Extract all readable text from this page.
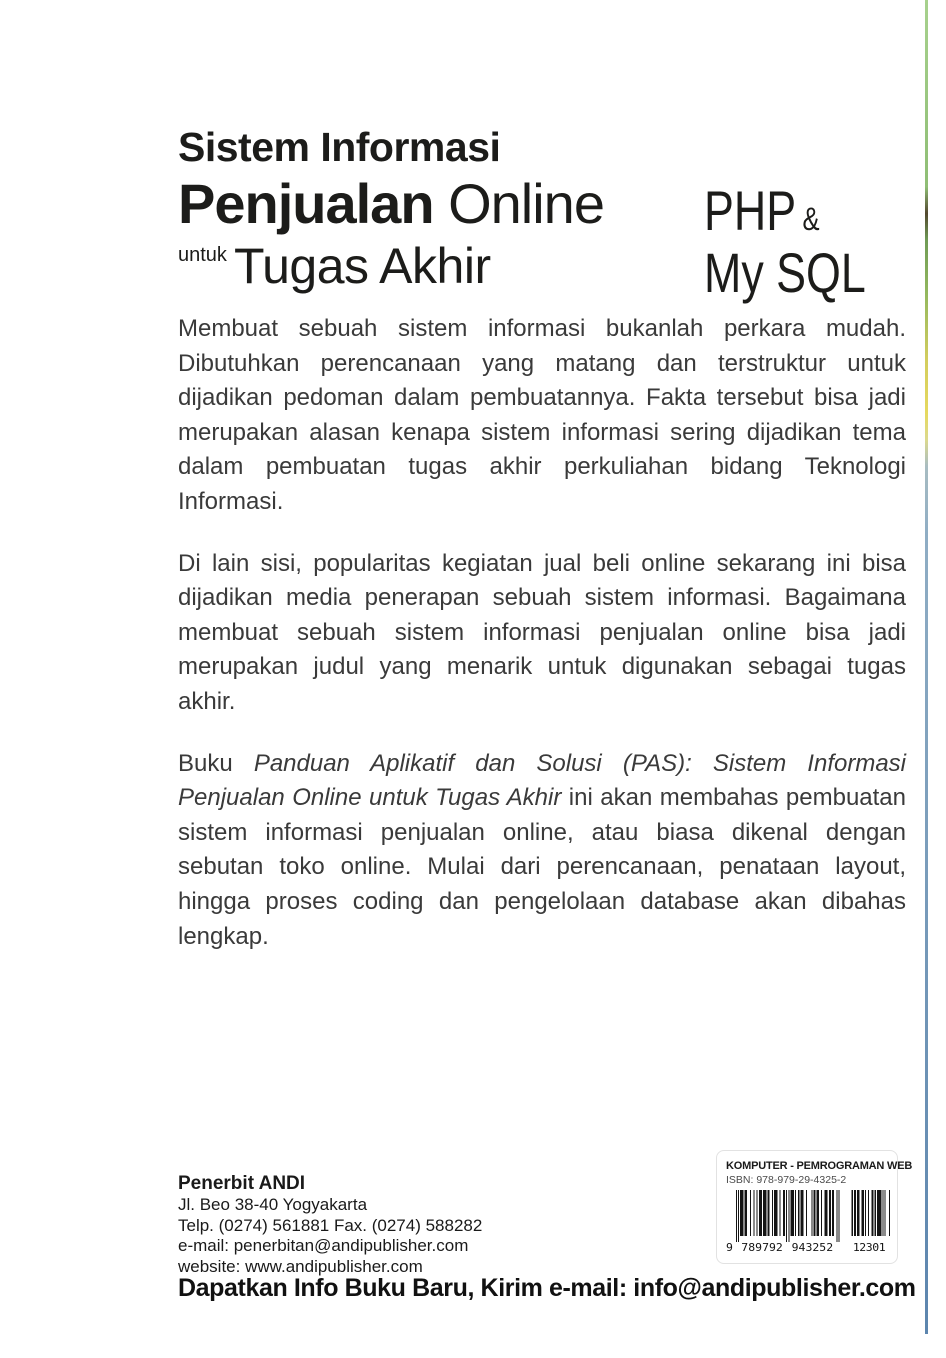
Sistem Informasi
Penjualan Online
untuk Tugas Akhir
PHP &
My SQL

Membuat sebuah sistem informasi bukanlah perkara mudah. Dibutuhkan perencanaan yang matang dan terstruktur untuk dijadikan pedoman dalam pembuatannya. Fakta tersebut bisa jadi merupakan alasan kenapa sistem informasi sering dijadikan tema dalam pembuatan tugas akhir perkuliahan bidang Teknologi Informasi.

Di lain sisi, popularitas kegiatan jual beli online sekarang ini bisa dijadikan media penerapan sebuah sistem informasi. Bagaimana membuat sebuah sistem informasi penjualan online bisa jadi merupakan judul yang menarik untuk digunakan sebagai tugas akhir.

Buku Panduan Aplikatif dan Solusi (PAS): Sistem Informasi Penjualan Online untuk Tugas Akhir ini akan membahas pembuatan sistem informasi penjualan online, atau biasa dikenal dengan sebutan toko online. Mulai dari perencanaan, penataan layout, hingga proses coding dan pengelolaan database akan dibahas lengkap.

Penerbit ANDI
Jl. Beo 38-40 Yogyakarta
Telp. (0274) 561881 Fax. (0274) 588282
e-mail: penerbitan@andipublisher.com
website: www.andipublisher.com
KOMPUTER - PEMROGRAMAN WEB
ISBN: 978-979-29-4325-2
9 789792 943252 1 2 3 0 1
Dapatkan Info Buku Baru, Kirim e-mail: info@andipublisher.com
